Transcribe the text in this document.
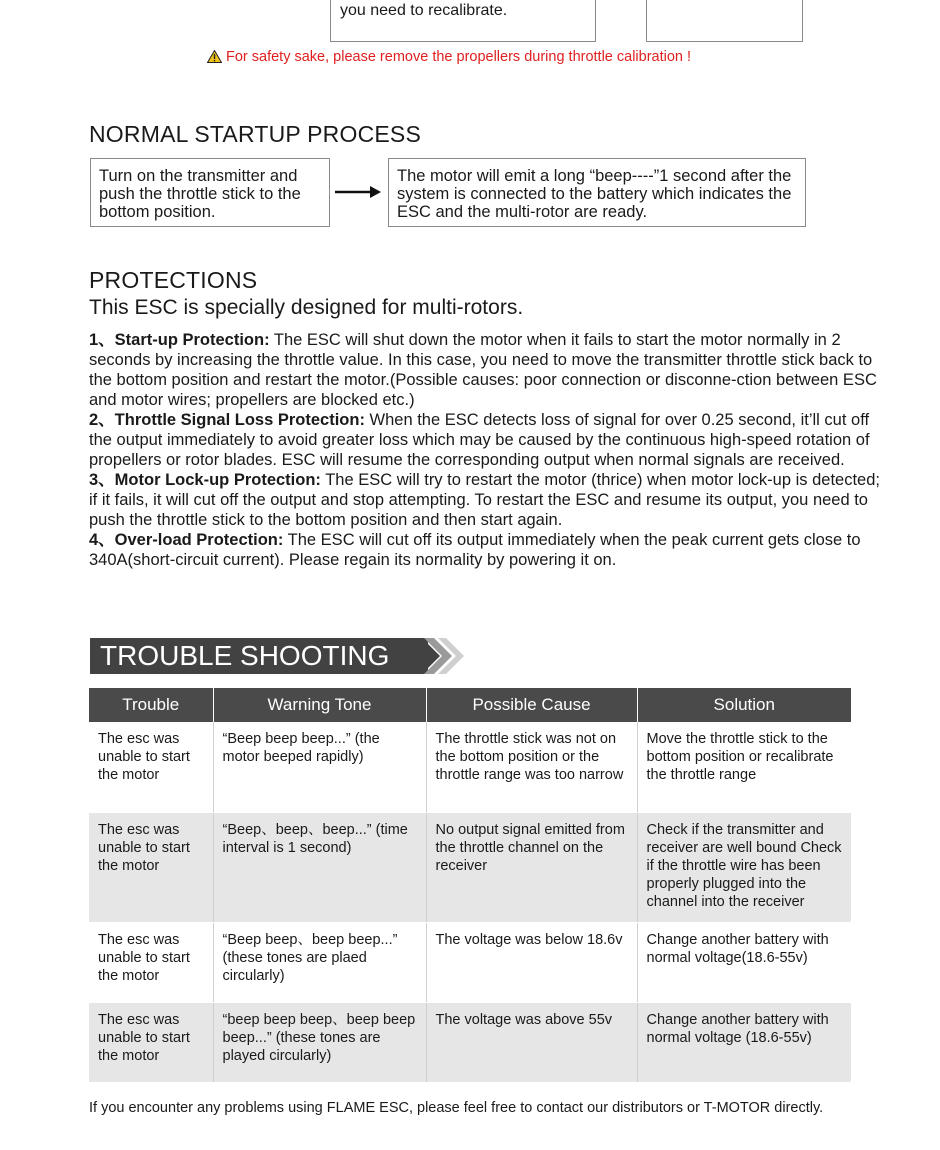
you need to recalibrate.
For safety sake, please remove the propellers during throttle calibration !
NORMAL STARTUP PROCESS
Turn on the transmitter and push the throttle stick to the bottom position.
The motor will emit a long “beep----”1 second after the system is connected to the battery which indicates the ESC and the multi-rotor are ready.
PROTECTIONS
This ESC is specially designed for multi-rotors.

1、Start-up Protection: The ESC will shut down the motor when it fails to start the motor normally in 2 seconds by increasing the throttle value. In this case, you need to move the transmitter throttle stick back to the bottom position and restart the motor.(Possible causes: poor connection or disconne-ction between ESC and motor wires; propellers are blocked etc.)

2、Throttle Signal Loss Protection: When the ESC detects loss of signal for over 0.25 second, it’ll cut off the output immediately to avoid greater loss which may be caused by the continuous high-speed rotation of propellers or rotor blades. ESC will resume the corresponding output when normal signals are received.

3、Motor Lock-up Protection: The ESC will try to restart the motor (thrice) when motor lock-up is detected; if it fails, it will cut off the output and stop attempting. To restart the ESC and resume its output, you need to push the throttle stick to the bottom position and then start again.

4、Over-load Protection: The ESC will cut off its output immediately when the peak current gets close to 340A(short-circuit current). Please regain its normality by powering it on.

TROUBLE SHOOTING
Trouble	Warning Tone	Possible Cause	Solution
The esc was unable to start the motor	“Beep beep beep...” (the motor beeped rapidly)	The throttle stick was not on the bottom position or the throttle range was too narrow	Move the throttle stick to the bottom position or recalibrate the throttle range
The esc was unable to start the motor	“Beep、beep、beep...” (time interval is 1 second)	No output signal emitted from the throttle channel on the receiver	Check if the transmitter and receiver are well bound Check if the throttle wire has been properly plugged into the channel into the receiver
The esc was unable to start the motor	“Beep beep、beep beep...” (these tones are plaed circularly)	The voltage was below 18.6v	Change another battery with normal voltage(18.6-55v)
The esc was unable to start the motor	“beep beep beep、beep beep beep...” (these tones are played circularly)	The voltage was above 55v	Change another battery with normal voltage (18.6-55v)
If you encounter any problems using FLAME ESC, please feel free to contact our distributors or T-MOTOR directly.
